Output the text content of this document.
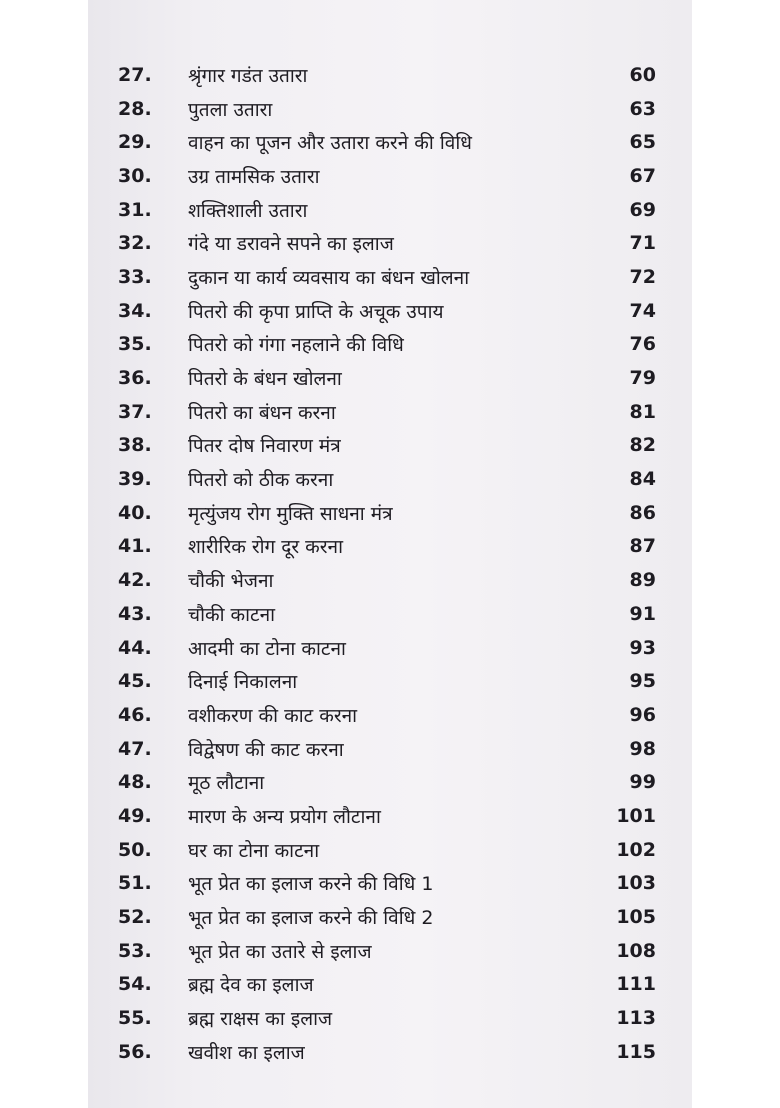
27.	श्रृंगार गडंत उतारा	60
28.	पुतला उतारा	63
29.	वाहन का पूजन और उतारा करने की विधि	65
30.	उग्र तामसिक उतारा	67
31.	शक्तिशाली उतारा	69
32.	गंदे या डरावने सपने का इलाज	71
33.	दुकान या कार्य व्यवसाय का बंधन खोलना	72
34.	पितरो की कृपा प्राप्ति के अचूक उपाय	74
35.	पितरो को गंगा नहलाने की विधि	76
36.	पितरो के बंधन खोलना	79
37.	पितरो का बंधन करना	81
38.	पितर दोष निवारण मंत्र	82
39.	पितरो को ठीक करना	84
40.	मृत्युंजय रोग मुक्ति साधना मंत्र	86
41.	शारीरिक रोग दूर करना	87
42.	चौकी भेजना	89
43.	चौकी काटना	91
44.	आदमी का टोना काटना	93
45.	दिनाई निकालना	95
46.	वशीकरण की काट करना	96
47.	विद्वेषण की काट करना	98
48.	मूठ लौटाना	99
49.	मारण के अन्य प्रयोग लौटाना	101
50.	घर का टोना काटना	102
51.	भूत प्रेत का इलाज करने की विधि 1	103
52.	भूत प्रेत का इलाज करने की विधि 2	105
53.	भूत प्रेत का उतारे से इलाज	108
54.	ब्रह्म देव का इलाज	111
55.	ब्रह्म राक्षस का इलाज	113
56.	खवीश का इलाज	115
